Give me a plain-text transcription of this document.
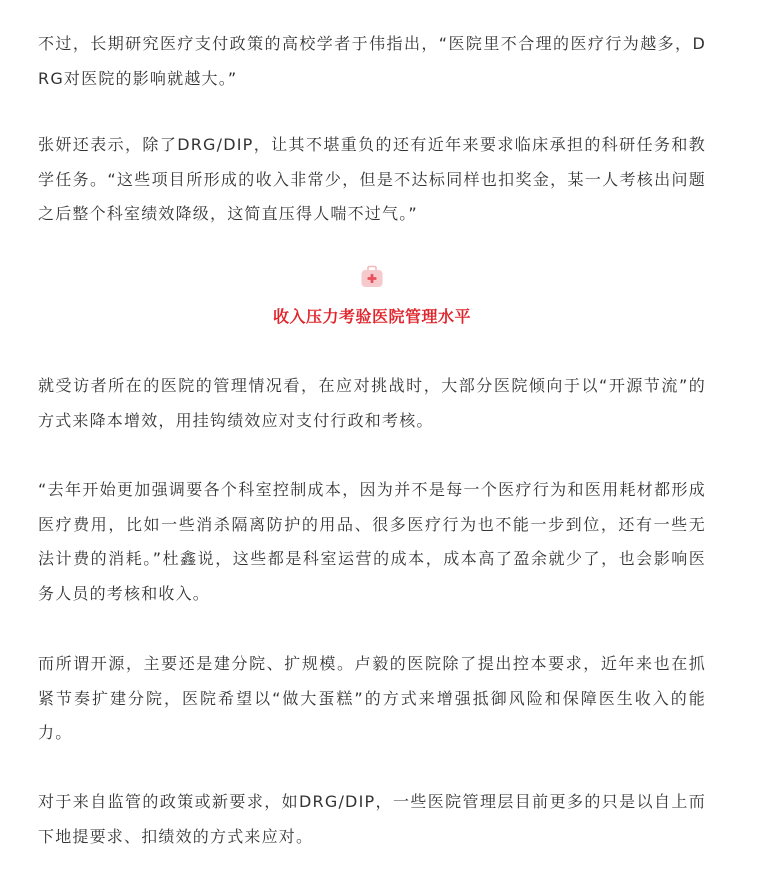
不过，长期研究医疗支付政策的高校学者于伟指出，“医院里不合理的医疗行为越多，DRG对医院的影响就越大。”

张妍还表示，除了DRG/DIP，让其不堪重负的还有近年来要求临床承担的科研任务和教学任务。“这些项目所形成的收入非常少，但是不达标同样也扣奖金，某一人考核出问题之后整个科室绩效降级，这简直压得人喘不过气。”

收入压力考验医院管理水平

就受访者所在的医院的管理情况看，在应对挑战时，大部分医院倾向于以“开源节流”的方式来降本增效，用挂钩绩效应对支付行政和考核。

“去年开始更加强调要各个科室控制成本，因为并不是每一个医疗行为和医用耗材都形成医疗费用，比如一些消杀隔离防护的用品、很多医疗行为也不能一步到位，还有一些无法计费的消耗。”杜鑫说，这些都是科室运营的成本，成本高了盈余就少了，也会影响医务人员的考核和收入。

而所谓开源，主要还是建分院、扩规模。卢毅的医院除了提出控本要求，近年来也在抓紧节奏扩建分院，医院希望以“做大蛋糕”的方式来增强抵御风险和保障医生收入的能力。

对于来自监管的政策或新要求，如DRG/DIP，一些医院管理层目前更多的只是以自上而下地提要求、扣绩效的方式来应对。
